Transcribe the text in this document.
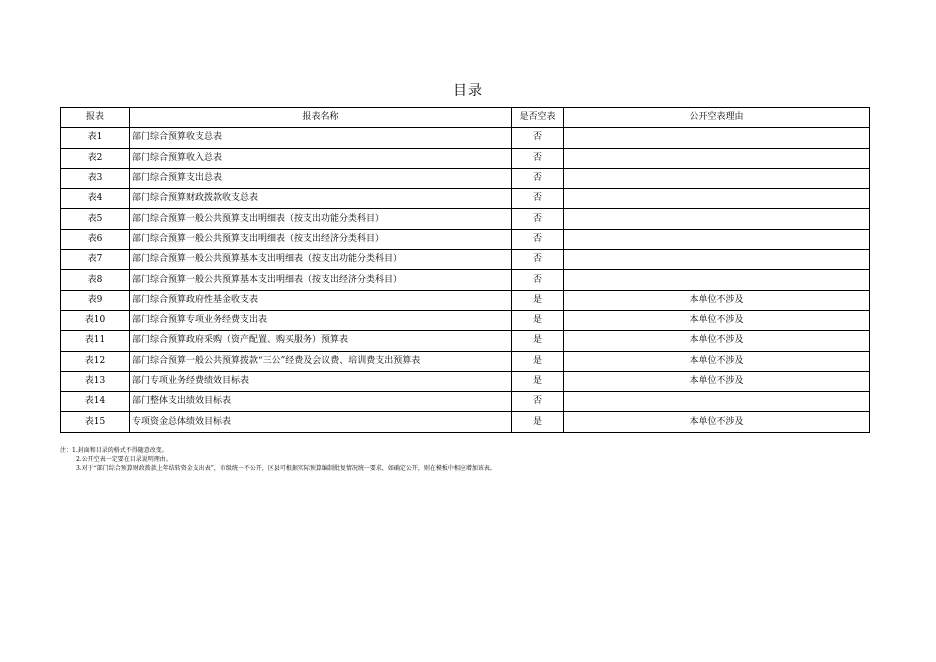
目录
报表	报表名称	是否空表	公开空表理由
表1	部门综合预算收支总表	否	
表2	部门综合预算收入总表	否	
表3	部门综合预算支出总表	否	
表4	部门综合预算财政拨款收支总表	否	
表5	部门综合预算一般公共预算支出明细表（按支出功能分类科目）	否	
表6	部门综合预算一般公共预算支出明细表（按支出经济分类科目）	否	
表7	部门综合预算一般公共预算基本支出明细表（按支出功能分类科目）	否	
表8	部门综合预算一般公共预算基本支出明细表（按支出经济分类科目）	否	
表9	部门综合预算政府性基金收支表	是	本单位不涉及
表10	部门综合预算专项业务经费支出表	是	本单位不涉及
表11	部门综合预算政府采购（资产配置、购买服务）预算表	是	本单位不涉及
表12	部门综合预算一般公共预算拨款“三公”经费及会议费、培训费支出预算表	是	本单位不涉及
表13	部门专项业务经费绩效目标表	是	本单位不涉及
表14	部门整体支出绩效目标表	否	
表15	专项资金总体绩效目标表	是	本单位不涉及
注：1.封面和目录的格式不得随意改变。
2.公开空表一定要在目录说明理由。
3.对于“部门综合预算财政拨款上年结转资金支出表”，市级统一不公开，区县可根据实际预算编制批复情况统一要求，如确定公开，则在模板中相应增加该表。
